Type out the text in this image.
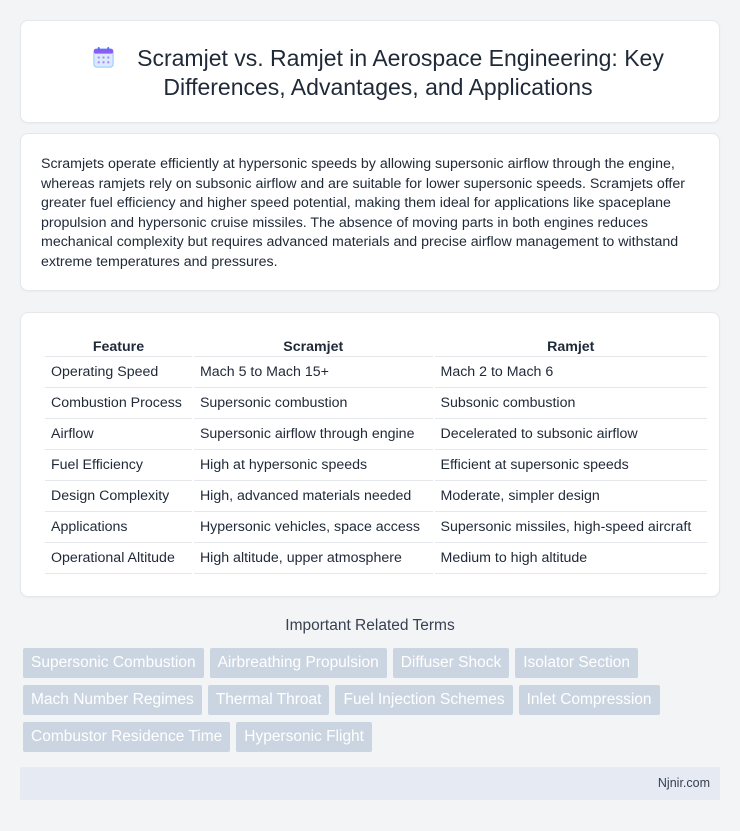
Scramjet vs. Ramjet in Aerospace Engineering: Key Differences, Advantages, and Applications

Scramjets operate efficiently at hypersonic speeds by allowing supersonic airflow through the engine, whereas ramjets rely on subsonic airflow and are suitable for lower supersonic speeds. Scramjets offer greater fuel efficiency and higher speed potential, making them ideal for applications like spaceplane propulsion and hypersonic cruise missiles. The absence of moving parts in both engines reduces mechanical complexity but requires advanced materials and precise airflow management to withstand extreme temperatures and pressures.

Feature	Scramjet	Ramjet
Operating Speed	Mach 5 to Mach 15+	Mach 2 to Mach 6
Combustion Process	Supersonic combustion	Subsonic combustion
Airflow	Supersonic airflow through engine	Decelerated to subsonic airflow
Fuel Efficiency	High at hypersonic speeds	Efficient at supersonic speeds
Design Complexity	High, advanced materials needed	Moderate, simpler design
Applications	Hypersonic vehicles, space access	Supersonic missiles, high-speed aircraft
Operational Altitude	High altitude, upper atmosphere	Medium to high altitude
Important Related Terms
Supersonic Combustion	Airbreathing Propulsion	Diffuser Shock	Isolator Section
Mach Number Regimes	Thermal Throat	Fuel Injection Schemes	Inlet Compression
Combustor Residence Time	Hypersonic Flight
Njnir.com
